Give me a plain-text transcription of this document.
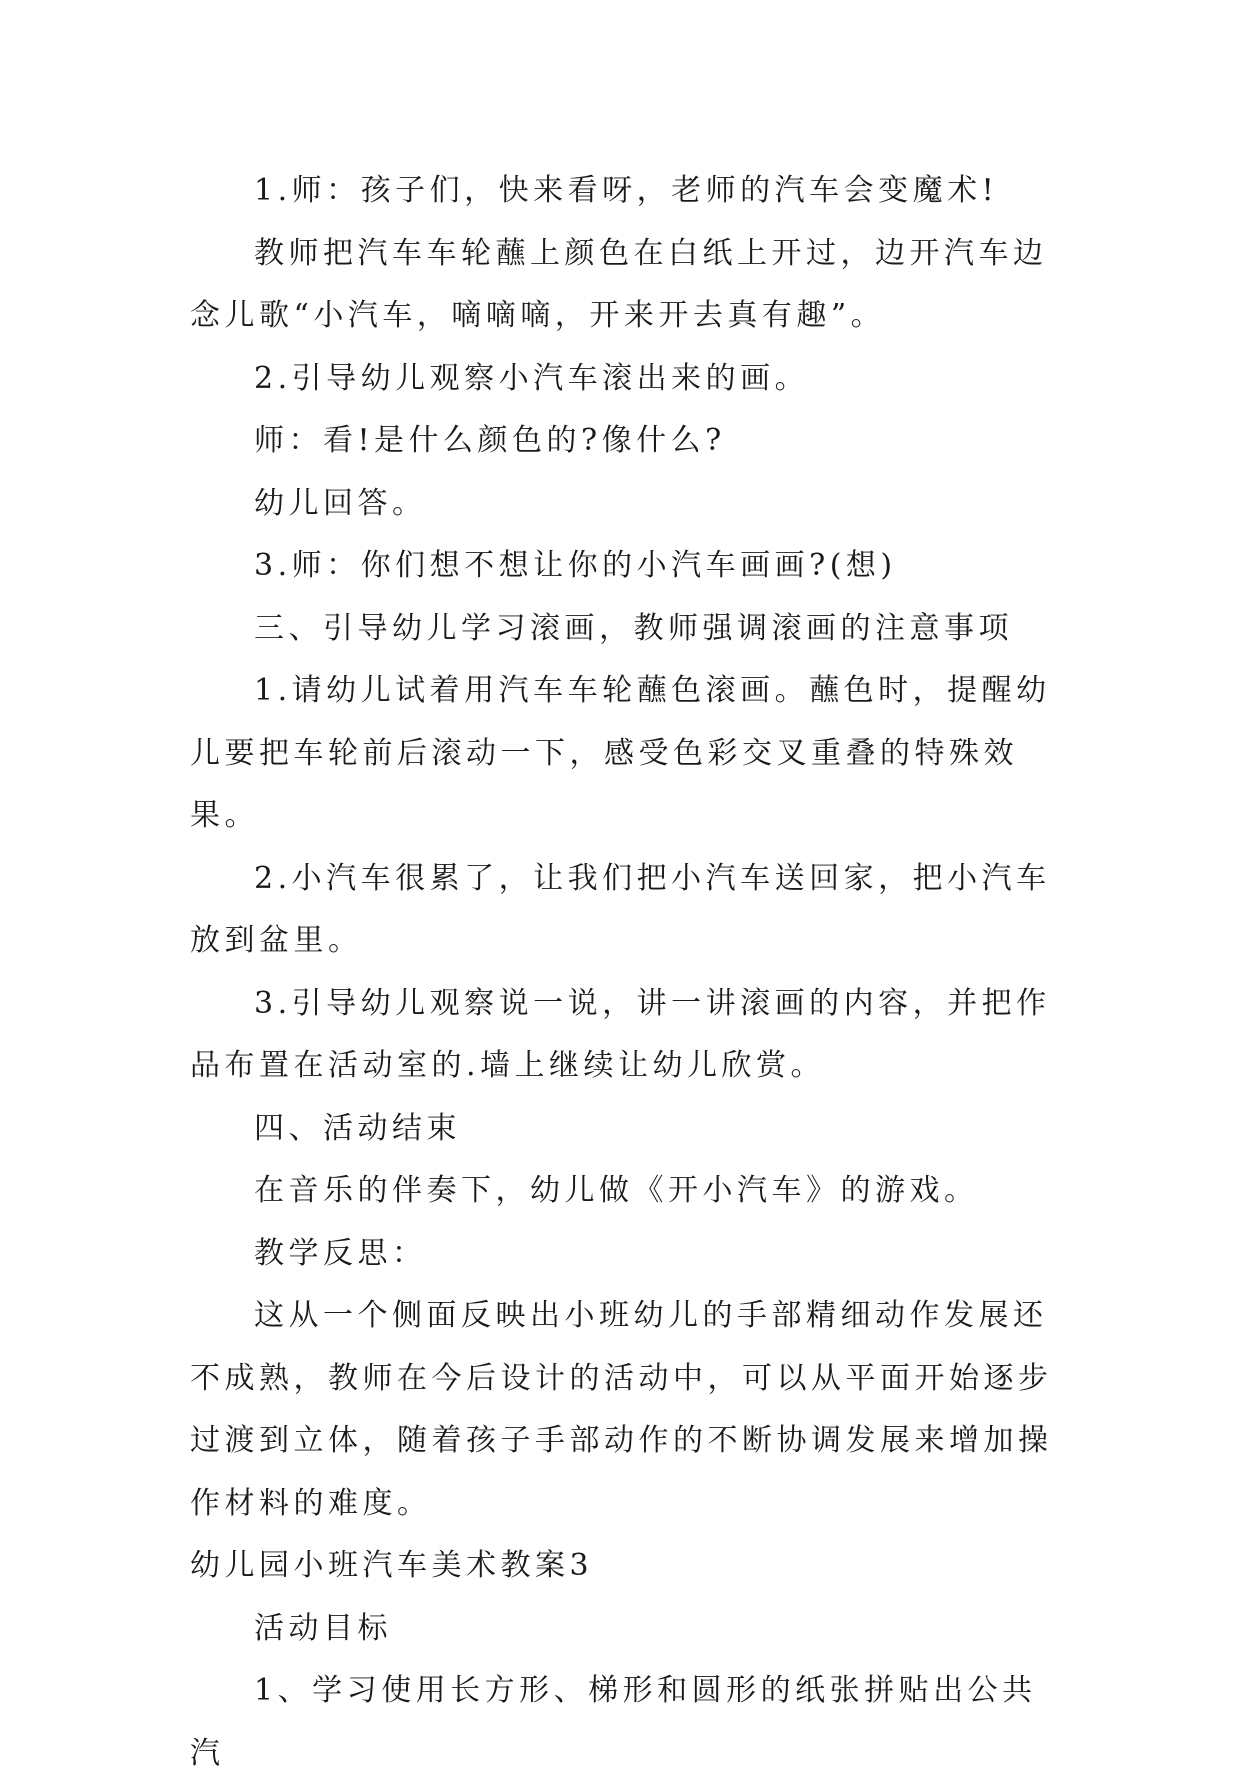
1.师：孩子们，快来看呀，老师的汽车会变魔术!

教师把汽车车轮蘸上颜色在白纸上开过，边开汽车边念儿歌“小汽车，嘀嘀嘀，开来开去真有趣”。

2.引导幼儿观察小汽车滚出来的画。

师：看!是什么颜色的?像什么?

幼儿回答。

3.师：你们想不想让你的小汽车画画?(想)

三、引导幼儿学习滚画，教师强调滚画的注意事项

1.请幼儿试着用汽车车轮蘸色滚画。蘸色时，提醒幼儿要把车轮前后滚动一下，感受色彩交叉重叠的特殊效果。

2.小汽车很累了，让我们把小汽车送回家，把小汽车放到盆里。

3.引导幼儿观察说一说，讲一讲滚画的内容，并把作品布置在活动室的.墙上继续让幼儿欣赏。

四、活动结束

在音乐的伴奏下，幼儿做《开小汽车》的游戏。

教学反思：

这从一个侧面反映出小班幼儿的手部精细动作发展还不成熟，教师在今后设计的活动中，可以从平面开始逐步过渡到立体，随着孩子手部动作的不断协调发展来增加操作材料的难度。

幼儿园小班汽车美术教案3

活动目标

1、学习使用长方形、梯形和圆形的纸张拼贴出公共汽
